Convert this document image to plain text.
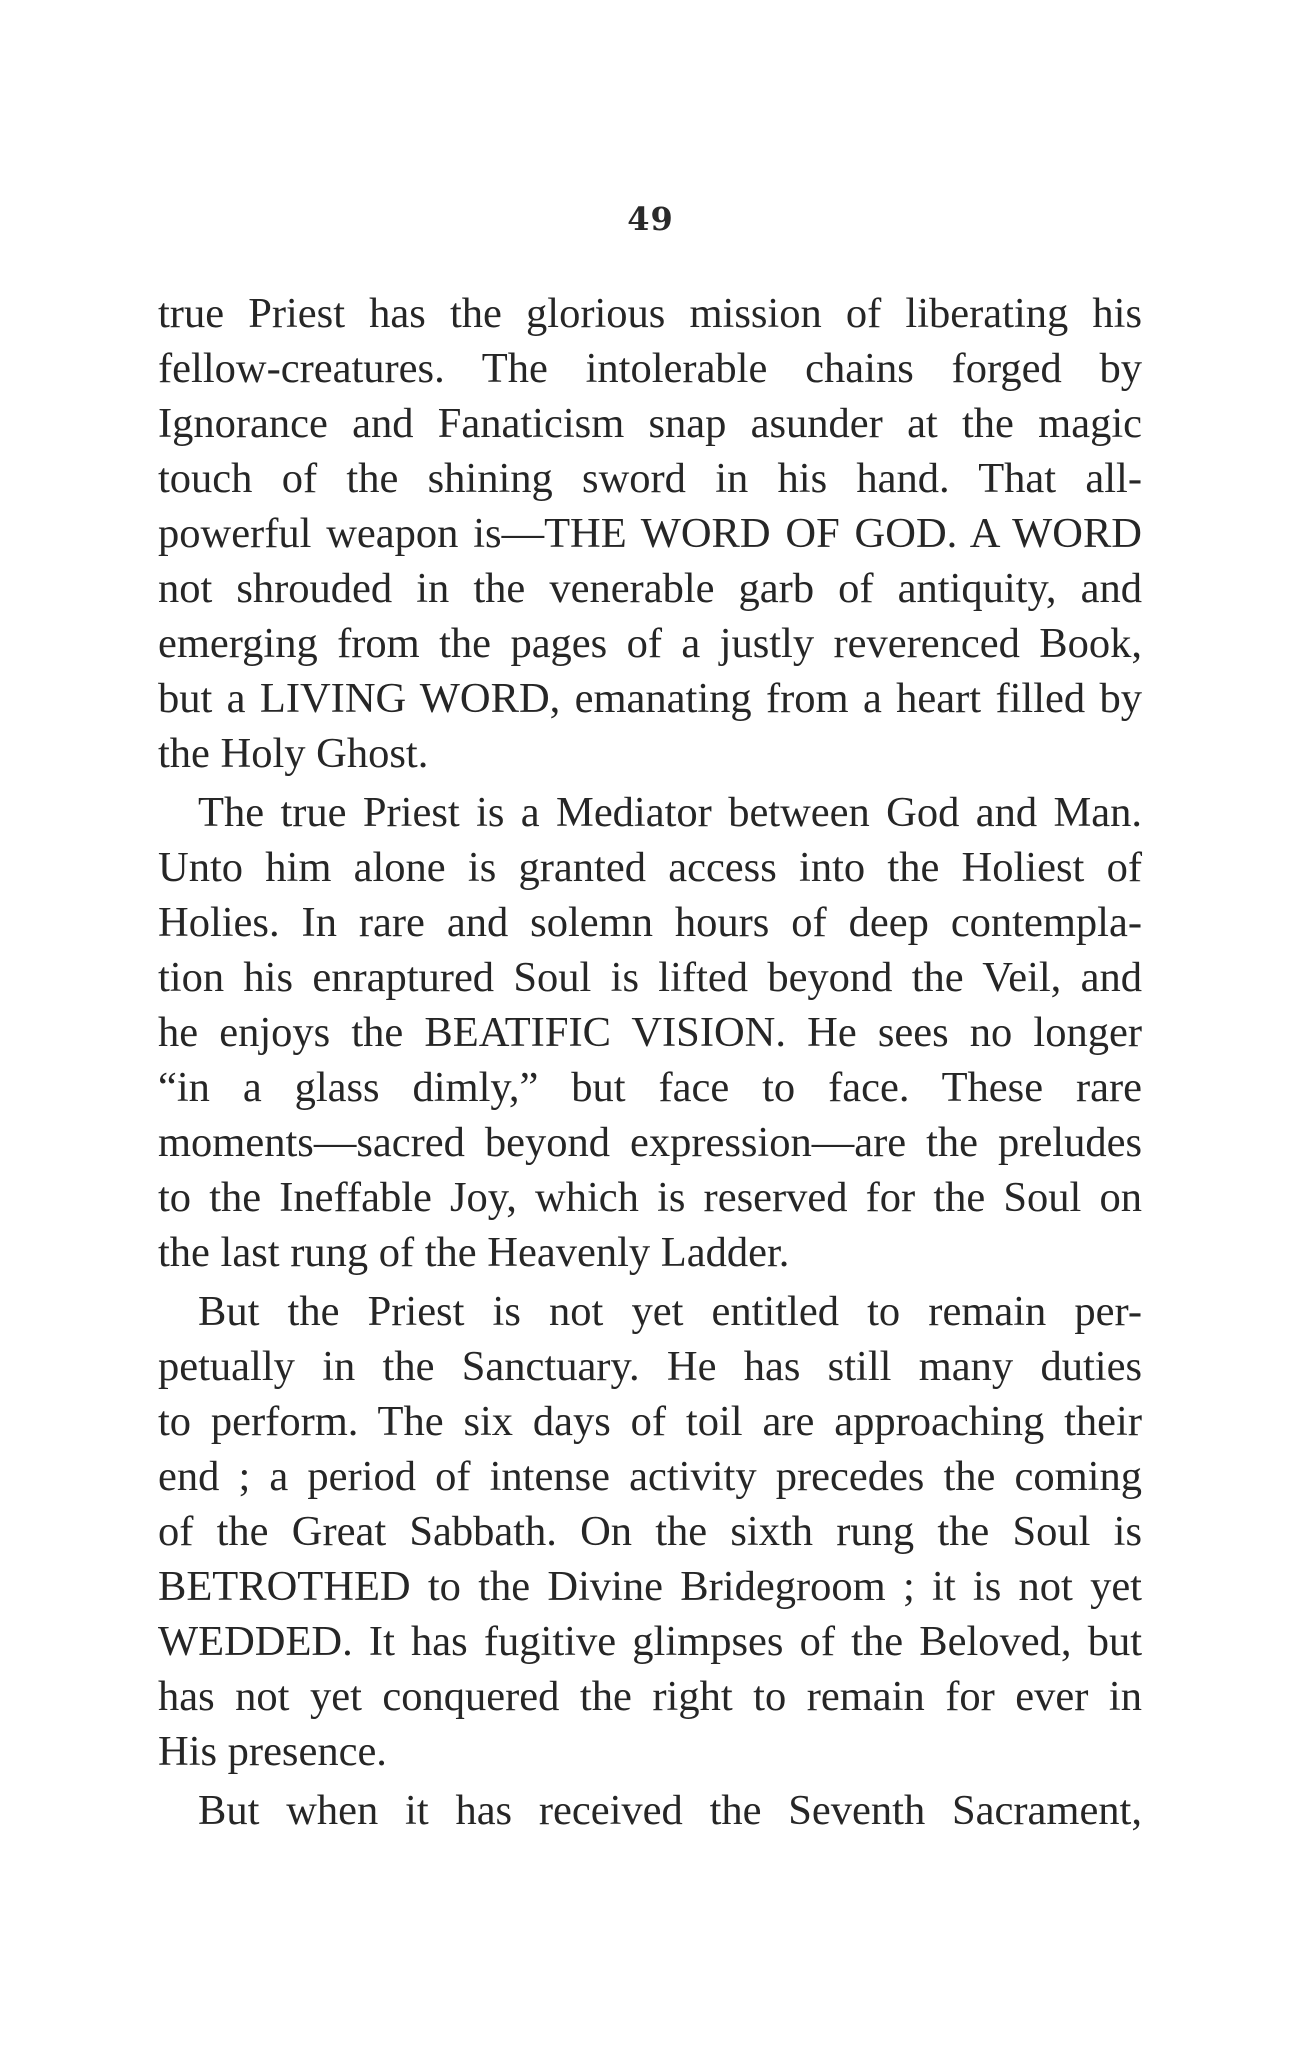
49
true Priest has the glorious mission of liberating his
fellow-creatures. The intolerable chains forged by
Ignorance and Fanaticism snap asunder at the magic
touch of the shining sword in his hand. That all-
powerful weapon is—THE WORD OF GOD. A WORD
not shrouded in the venerable garb of antiquity, and
emerging from the pages of a justly reverenced Book,
but a LIVING WORD, emanating from a heart filled by
the Holy Ghost.
The true Priest is a Mediator between God and Man.
Unto him alone is granted access into the Holiest of
Holies. In rare and solemn hours of deep contempla-
tion his enraptured Soul is lifted beyond the Veil, and
he enjoys the BEATIFIC VISION. He sees no longer
“in a glass dimly,” but face to face. These rare
moments—sacred beyond expression—are the preludes
to the Ineffable Joy, which is reserved for the Soul on
the last rung of the Heavenly Ladder.
But the Priest is not yet entitled to remain per-
petually in the Sanctuary. He has still many duties
to perform. The six days of toil are approaching their
end ; a period of intense activity precedes the coming
of the Great Sabbath. On the sixth rung the Soul is
BETROTHED to the Divine Bridegroom ; it is not yet
WEDDED. It has fugitive glimpses of the Beloved, but
has not yet conquered the right to remain for ever in
His presence.
But when it has received the Seventh Sacrament,
